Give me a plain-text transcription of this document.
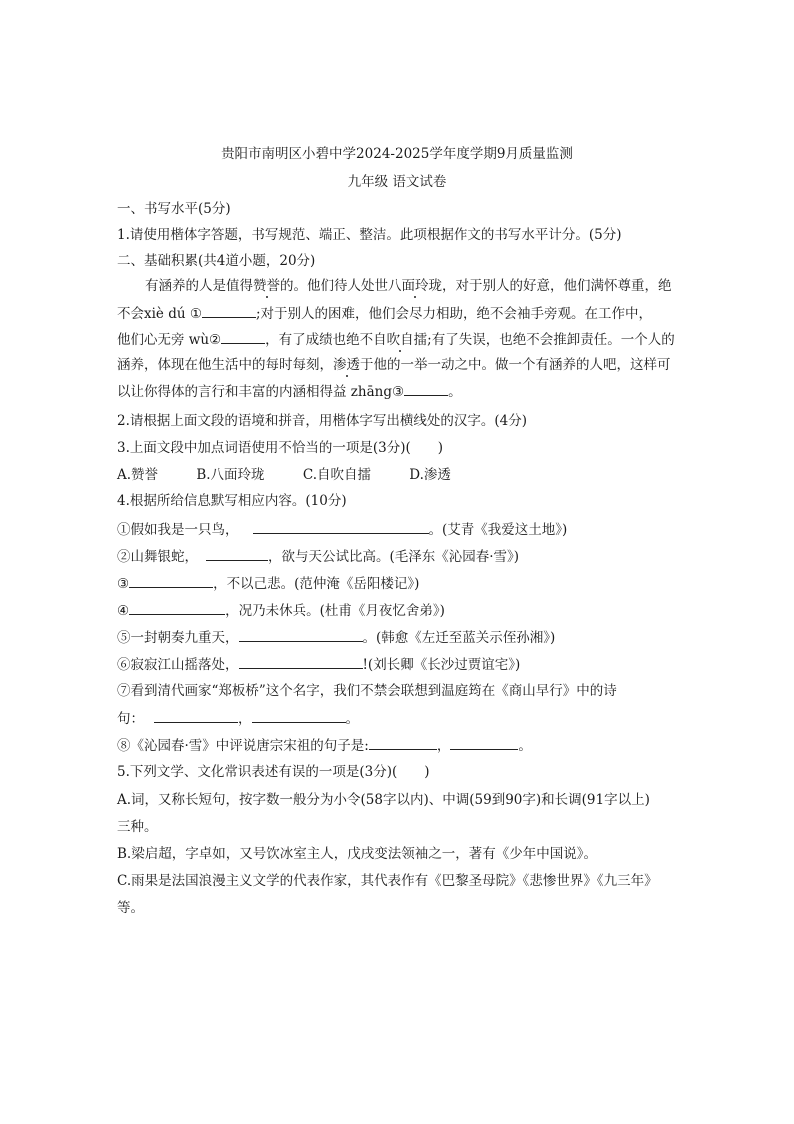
贵阳市南明区小碧中学2024-2025学年度学期9月质量监测
九年级 语文试卷
一、书写水平(5分)
1.请使用楷体字答题，书写规范、端正、整洁。此项根据作文的书写水平计分。(5分)
二、基础积累(共4道小题，20分)
有涵养的人是值得赞誉的。他们待人处世八面玲珑，对于别人的好意，他们满怀尊重，绝
不会xiè dú ①	;对于别人的困难，他们会尽力相助，绝不会袖手旁观。在工作中，
他们心无旁 wù②	，有了成绩也绝不自吹自擂;有了失误，也绝不会推卸责任。一个人的
涵养，体现在他生活中的每时每刻，渗透于他的一举一动之中。做一个有涵养的人吧，这样可
以让你得体的言行和丰富的内涵相得益 zhāng③	。
2.请根据上面文段的语境和拼音，用楷体字写出横线处的汉字。(4分)
3.上面文段中加点词语使用不恰当的一项是(3分)(　　)
A.赞誉	B.八面玲珑	C.自吹自擂	D.渗透
4.根据所给信息默写相应内容。(10分)
①假如我是一只鸟，	。(艾青《我爱这土地》)
②山舞银蛇，	，欲与天公试比高。(毛泽东《沁园春·雪》)
③	，不以己悲。(范仲淹《岳阳楼记》)
④	，况乃未休兵。(杜甫《月夜忆舍弟》)
⑤一封朝奏九重天，	。(韩愈《左迁至蓝关示侄孙湘》)
⑥寂寂江山摇落处，	!(刘长卿《长沙过贾谊宅》)
⑦看到清代画家“郑板桥”这个名字，我们不禁会联想到温庭筠在《商山早行》中的诗
句：	，	。
⑧《沁园春·雪》中评说唐宗宋祖的句子是:	，	。
5.下列文学、文化常识表述有误的一项是(3分)(　　)
A.词，又称长短句，按字数一般分为小令(58字以内)、中调(59到90字)和长调(91字以上)
三种。
B.梁启超，字卓如，又号饮冰室主人，戊戌变法领袖之一，著有《少年中国说》。
C.雨果是法国浪漫主义文学的代表作家，其代表作有《巴黎圣母院》《悲惨世界》《九三年》
等。
